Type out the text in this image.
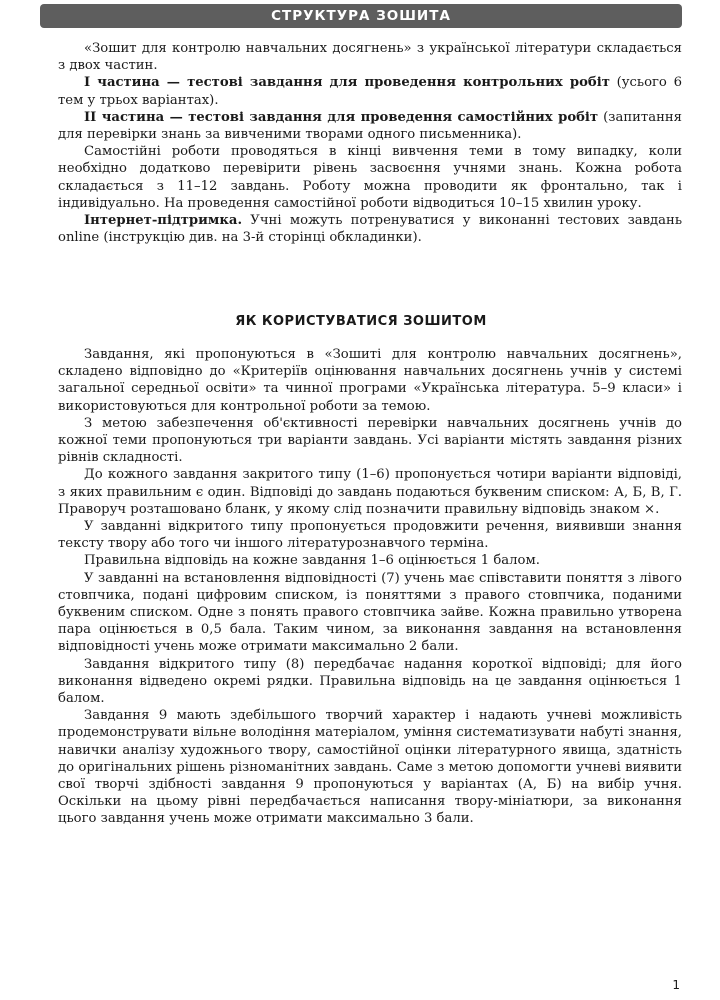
СТРУКТУРА ЗОШИТА

«Зошит для контролю навчальних досягнень» з української літератури складається з двох частин.

І частина — тестові завдання для проведення контрольних робіт (усього 6 тем у трьох варіантах).

ІІ частина — тестові завдання для проведення самостійних робіт (запитання для перевірки знань за вивченими творами одного письменника).

Самостійні роботи проводяться в кінці вивчення теми в тому випадку, коли необхідно додатково перевірити рівень засвоєння учнями знань. Кожна робота складається з 11–12 завдань. Роботу можна проводити як фронтально, так і індивідуально. На проведення самостійної роботи відводиться 10–15 хвилин уроку.

Інтернет-підтримка. Учні можуть потренуватися у виконанні тестових завдань online (інструкцію див. на 3-й сторінці обкладинки).

ЯК КОРИСТУВАТИСЯ ЗОШИТОМ

Завдання, які пропонуються в «Зошиті для контролю навчальних досягнень», складено відповідно до «Критеріїв оцінювання навчальних досягнень учнів у системі загальної середньої освіти» та чинної програми «Українська література. 5–9 класи» і використовуються для контрольної роботи за темою.

З метою забезпечення об'єктивності перевірки навчальних досягнень учнів до кожної теми пропонуються три варіанти завдань. Усі варіанти містять завдання різних рівнів складності.

До кожного завдання закритого типу (1–6) пропонується чотири варіанти відповіді, з яких правильним є один. Відповіді до завдань подаються буквеним списком: А, Б, В, Г. Праворуч розташовано бланк, у якому слід позначити правильну відповідь знаком ×.

У завданні відкритого типу пропонується продовжити речення, виявивши знання тексту твору або того чи іншого літературознавчого терміна.

Правильна відповідь на кожне завдання 1–6 оцінюється 1 балом.

У завданні на встановлення відповідності (7) учень має співставити поняття з лівого стовпчика, подані цифровим списком, із поняттями з правого стовпчика, поданими буквеним списком. Одне з понять правого стовпчика зайве. Кожна правильно утворена пара оцінюється в 0,5 бала. Таким чином, за виконання завдання на встановлення відповідності учень може отримати максимально 2 бали.

Завдання відкритого типу (8) передбачає надання короткої відповіді; для його виконання відведено окремі рядки. Правильна відповідь на це завдання оцінюється 1 балом.

Завдання 9 мають здебільшого творчий характер і надають учневі можливість продемонструвати вільне володіння матеріалом, уміння систематизувати набуті знання, навички аналізу художнього твору, самостійної оцінки літературного явища, здатність до оригінальних рішень різноманітних завдань. Саме з метою допомогти учневі виявити свої творчі здібності завдання 9 пропонуються у варіантах (А, Б) на вибір учня. Оскільки на цьому рівні передбачається написання твору-мініатюри, за виконання цього завдання учень може отримати максимально 3 бали.

1
